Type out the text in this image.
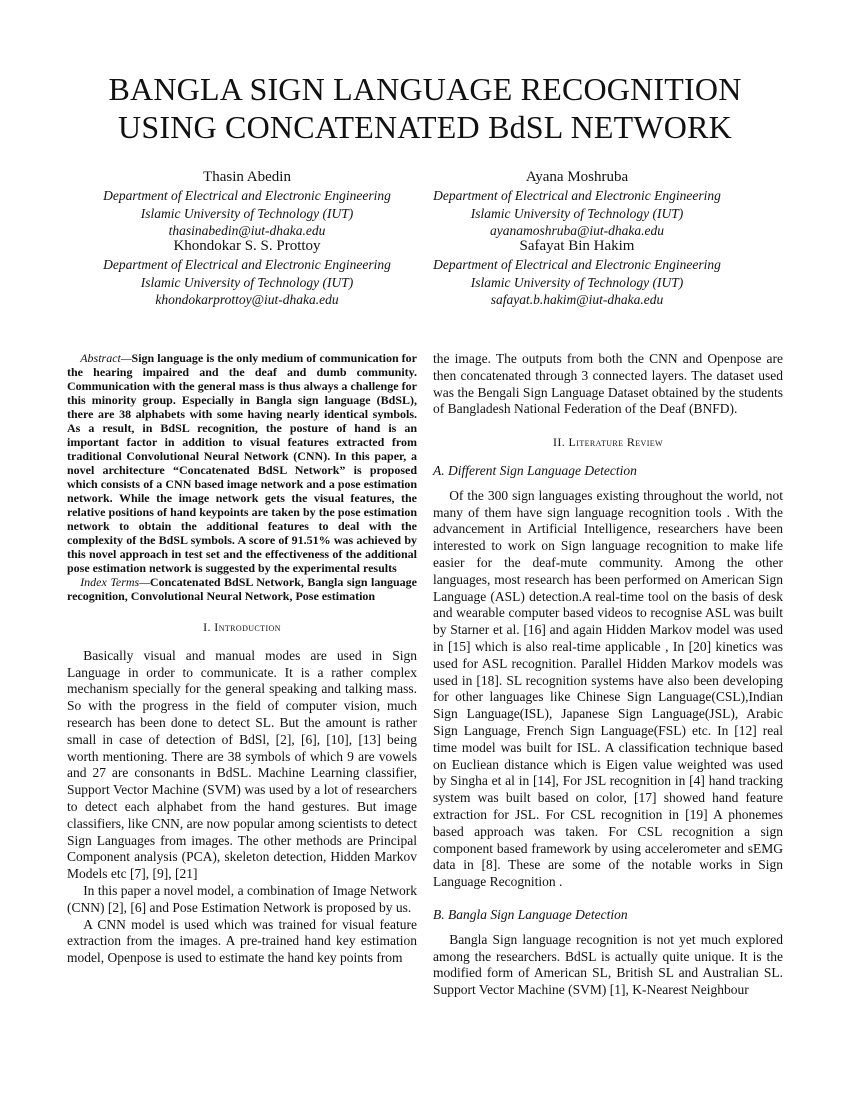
BANGLA SIGN LANGUAGE RECOGNITION
USING CONCATENATED BdSL NETWORK
Thasin Abedin
Department of Electrical and Electronic Engineering
Islamic University of Technology (IUT)
thasinabedin@iut-dhaka.edu
Ayana Moshruba
Department of Electrical and Electronic Engineering
Islamic University of Technology (IUT)
ayanamoshruba@iut-dhaka.edu
Khondokar S. S. Prottoy
Department of Electrical and Electronic Engineering
Islamic University of Technology (IUT)
khondokarprottoy@iut-dhaka.edu
Safayat Bin Hakim
Department of Electrical and Electronic Engineering
Islamic University of Technology (IUT)
safayat.b.hakim@iut-dhaka.edu

Abstract—Sign language is the only medium of communication for the hearing impaired and the deaf and dumb community. Communication with the general mass is thus always a challenge for this minority group. Especially in Bangla sign language (BdSL), there are 38 alphabets with some having nearly identical symbols. As a result, in BdSL recognition, the posture of hand is an important factor in addition to visual features extracted from traditional Convolutional Neural Network (CNN). In this paper, a novel architecture “Concatenated BdSL Network” is proposed which consists of a CNN based image network and a pose estimation network. While the image network gets the visual features, the relative positions of hand keypoints are taken by the pose estimation network to obtain the additional features to deal with the complexity of the BdSL symbols. A score of 91.51% was achieved by this novel approach in test set and the effectiveness of the additional pose estimation network is suggested by the experimental results

Index Terms—Concatenated BdSL Network, Bangla sign language recognition, Convolutional Neural Network, Pose estimation

I. Introduction

Basically visual and manual modes are used in Sign Language in order to communicate. It is a rather complex mechanism specially for the general speaking and talking mass. So with the progress in the field of computer vision, much research has been done to detect SL. But the amount is rather small in case of detection of BdSl, [2], [6], [10], [13] being worth mentioning. There are 38 symbols of which 9 are vowels and 27 are consonants in BdSL. Machine Learning classifier, Support Vector Machine (SVM) was used by a lot of researchers to detect each alphabet from the hand gestures. But image classifiers, like CNN, are now popular among scientists to detect Sign Languages from images. The other methods are Principal Component analysis (PCA), skeleton detection, Hidden Markov Models etc [7], [9], [21]

In this paper a novel model, a combination of Image Network (CNN) [2], [6] and Pose Estimation Network is proposed by us.

A CNN model is used which was trained for visual feature extraction from the images. A pre-trained hand key estimation model, Openpose is used to estimate the hand key points from

the image. The outputs from both the CNN and Openpose are then concatenated through 3 connected layers. The dataset used was the Bengali Sign Language Dataset obtained by the students of Bangladesh National Federation of the Deaf (BNFD).

II. Literature Review
A. Different Sign Language Detection

Of the 300 sign languages existing throughout the world, not many of them have sign language recognition tools . With the advancement in Artificial Intelligence, researchers have been interested to work on Sign language recognition to make life easier for the deaf-mute community. Among the other languages, most research has been performed on American Sign Language (ASL) detection.A real-time tool on the basis of desk and wearable computer based videos to recognise ASL was built by Starner et al. [16] and again Hidden Markov model was used in [15] which is also real-time applicable , In [20] kinetics was used for ASL recognition. Parallel Hidden Markov models was used in [18]. SL recognition systems have also been developing for other languages like Chinese Sign Language(CSL),Indian Sign Language(ISL), Japanese Sign Language(JSL), Arabic Sign Language, French Sign Language(FSL) etc. In [12] real time model was built for ISL. A classification technique based on Eucliean distance which is Eigen value weighted was used by Singha et al in [14], For JSL recognition in [4] hand tracking system was built based on color, [17] showed hand feature extraction for JSL. For CSL recognition in [19] A phonemes based approach was taken. For CSL recognition a sign component based framework by using accelerometer and sEMG data in [8]. These are some of the notable works in Sign Language Recognition .

B. Bangla Sign Language Detection

Bangla Sign language recognition is not yet much explored among the researchers. BdSL is actually quite unique. It is the modified form of American SL, British SL and Australian SL. Support Vector Machine (SVM) [1], K-Nearest Neighbour
